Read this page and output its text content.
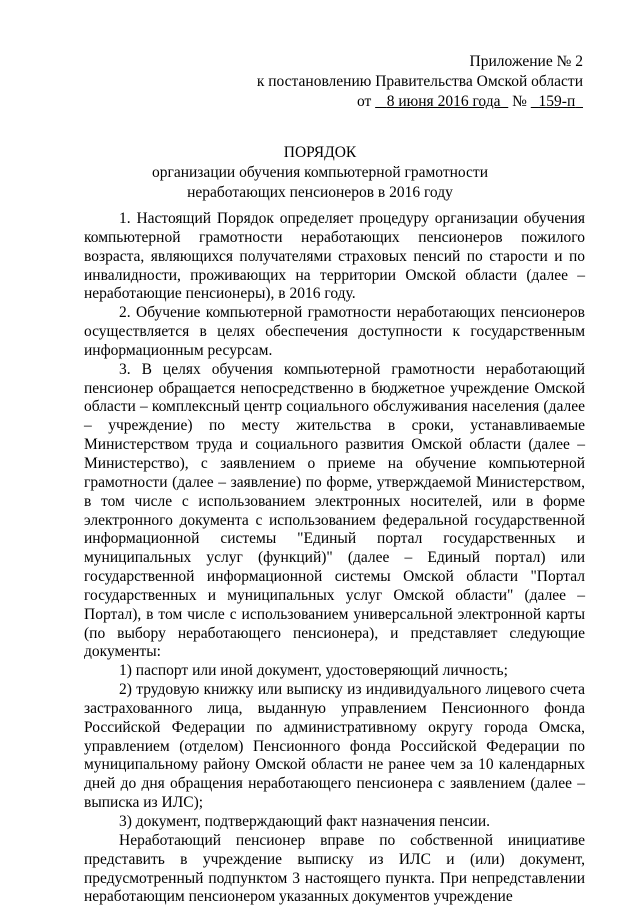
Приложение № 2
к постановлению Правительства Омской области
от 8 июня 2016 года № 159-п
ПОРЯДОК
организации обучения компьютерной грамотности
неработающих пенсионеров в 2016 году

1. Настоящий Порядок определяет процедуру организации обучения компьютерной грамотности неработающих пенсионеров пожилого возраста, являющихся получателями страховых пенсий по старости и по инвалидности, проживающих на территории Омской области (далее – неработающие пенсионеры), в 2016 году.

2. Обучение компьютерной грамотности неработающих пенсионеров осуществляется в целях обеспечения доступности к государственным информационным ресурсам.

3. В целях обучения компьютерной грамотности неработающий пенсионер обращается непосредственно в бюджетное учреждение Омской области – комплексный центр социального обслуживания населения (далее – учреждение) по месту жительства в сроки, устанавливаемые Министерством труда и социального развития Омской области (далее – Министерство), с заявлением о приеме на обучение компьютерной грамотности (далее – заявление) по форме, утверждаемой Министерством, в том числе с использованием электронных носителей, или в форме электронного документа с использованием федеральной государственной информационной системы "Единый портал государственных и муниципальных услуг (функций)" (далее – Единый портал) или государственной информационной системы Омской области "Портал государственных и муниципальных услуг Омской области" (далее – Портал), в том числе с использованием универсальной электронной карты (по выбору неработающего пенсионера), и представляет следующие документы:

1) паспорт или иной документ, удостоверяющий личность;

2) трудовую книжку или выписку из индивидуального лицевого счета застрахованного лица, выданную управлением Пенсионного фонда Российской Федерации по административному округу города Омска, управлением (отделом) Пенсионного фонда Российской Федерации по муниципальному району Омской области не ранее чем за 10 календарных дней до дня обращения неработающего пенсионера с заявлением (далее – выписка из ИЛС);

3) документ, подтверждающий факт назначения пенсии.

Неработающий пенсионер вправе по собственной инициативе представить в учреждение выписку из ИЛС и (или) документ, предусмотренный подпунктом 3 настоящего пункта. При непредставлении неработающим пенсионером указанных документов учреждение
